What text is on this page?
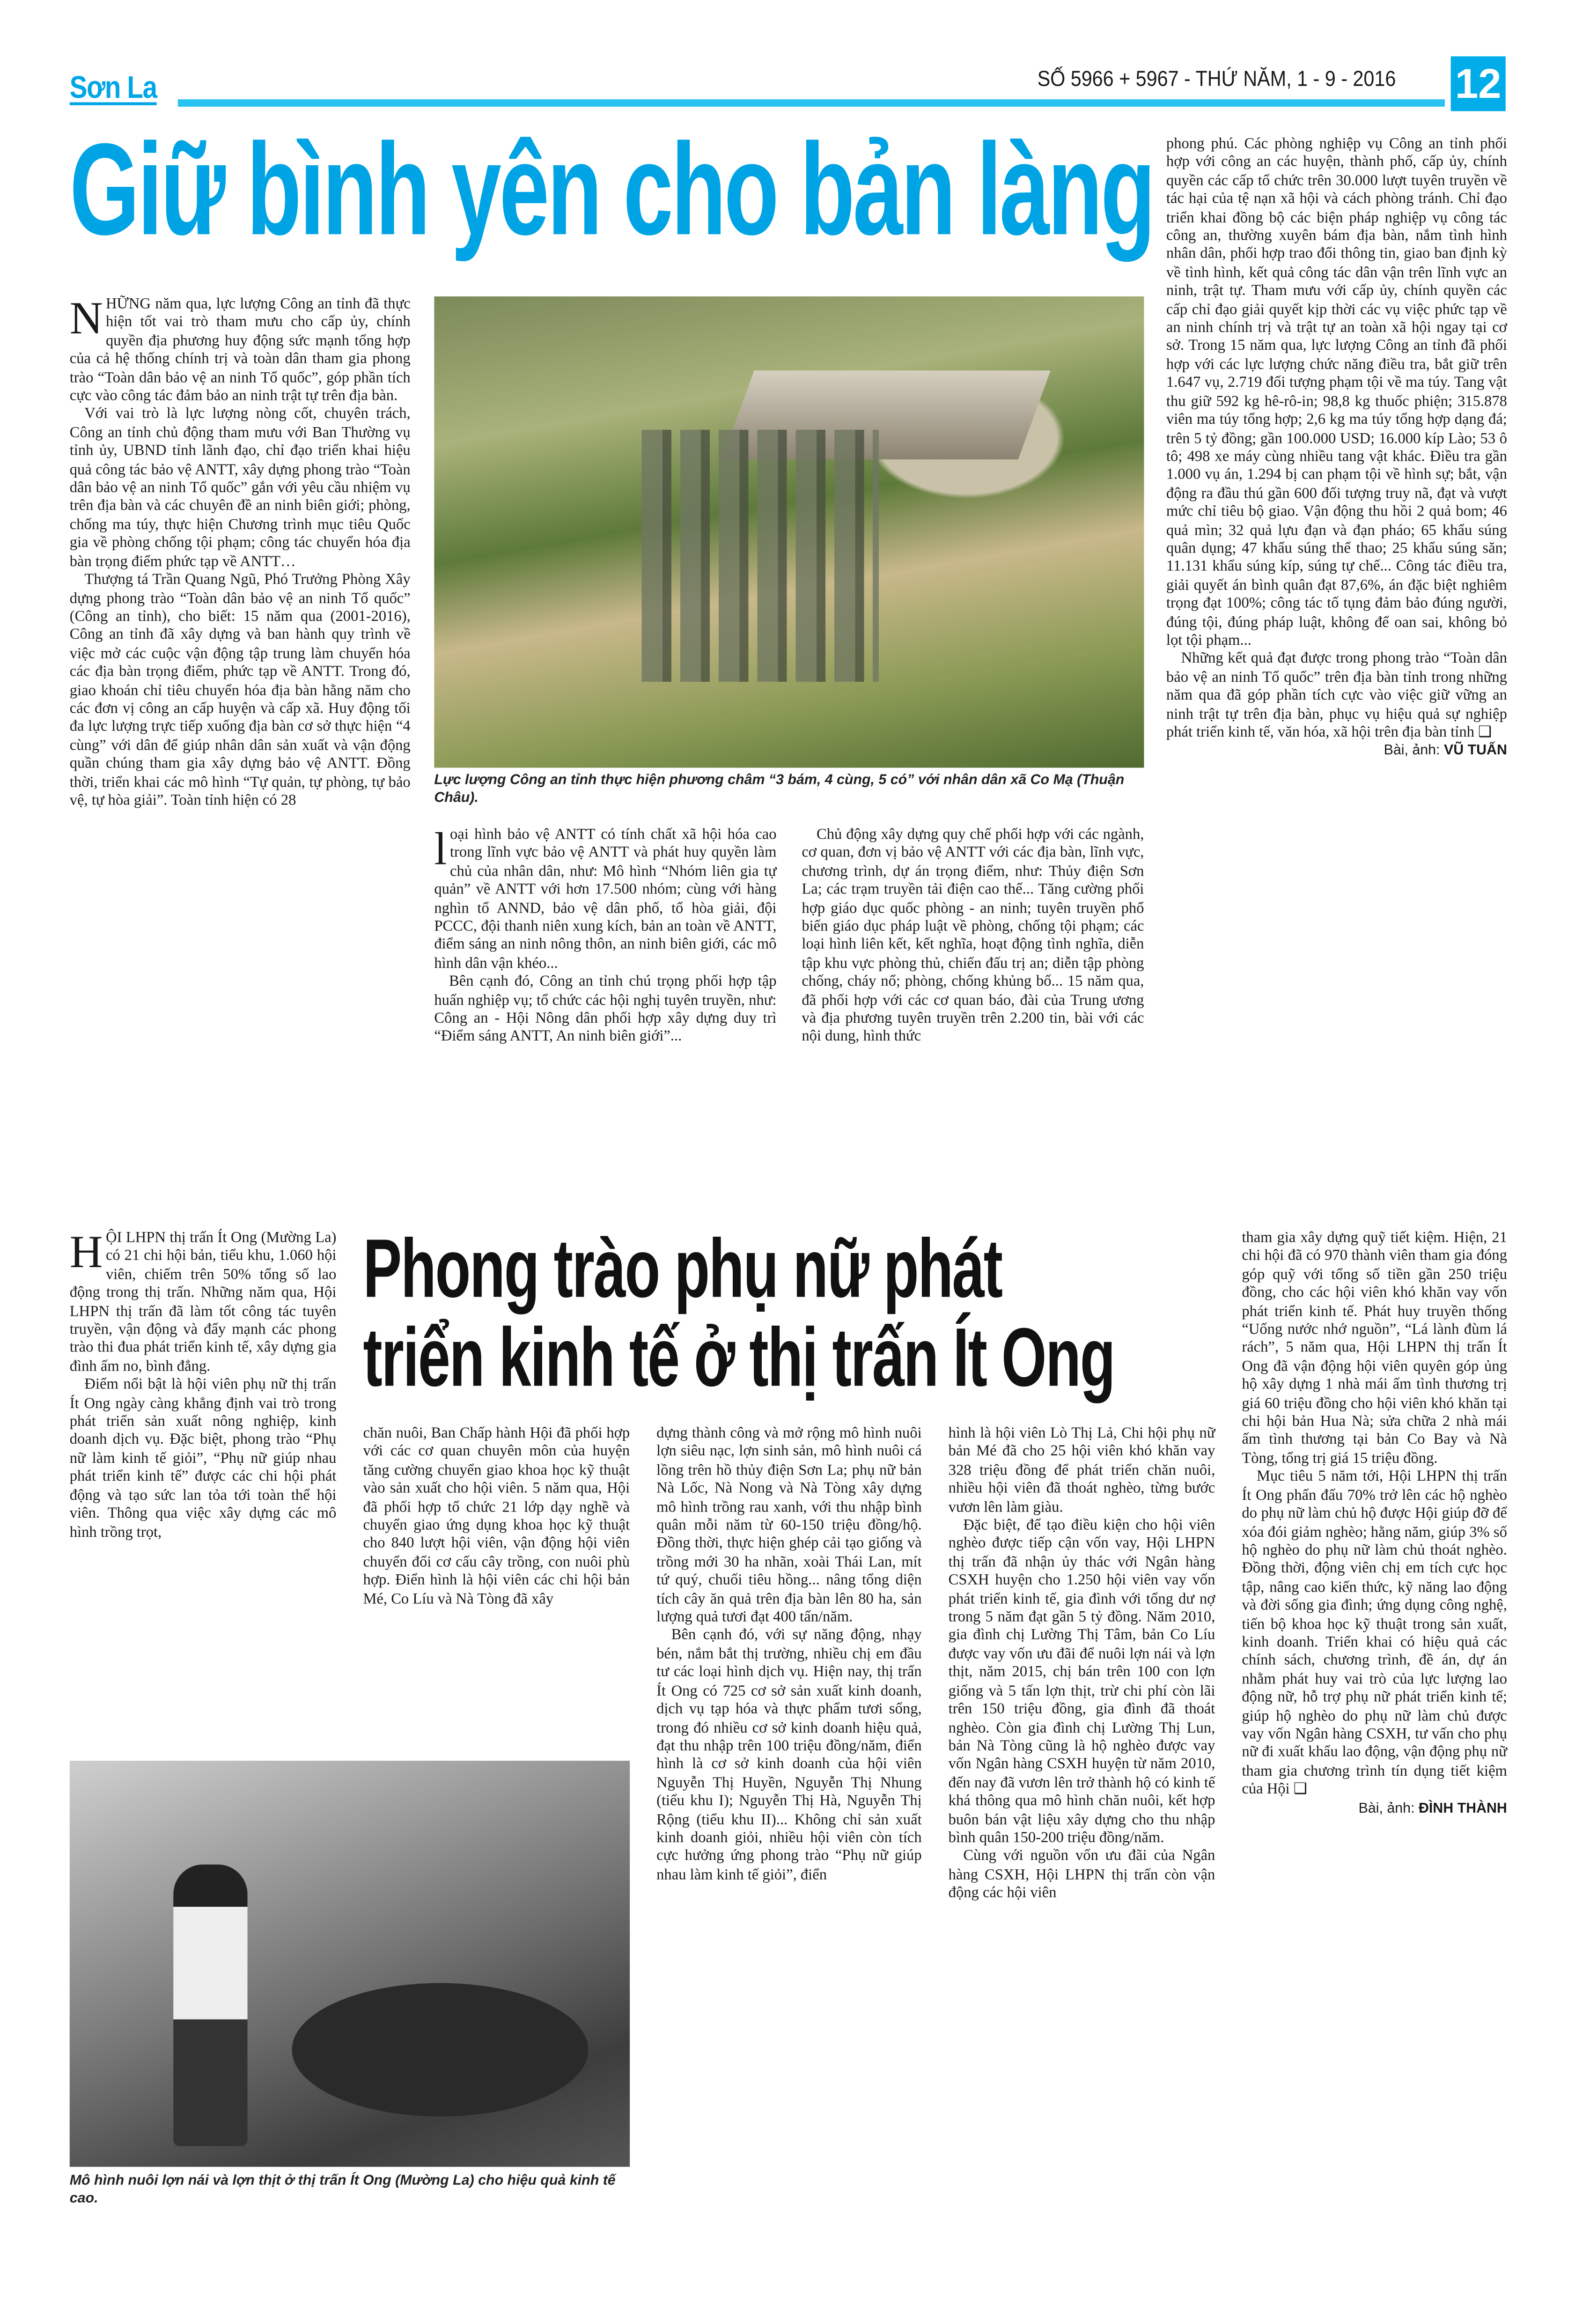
Sơn La	SỐ 5966 + 5967 - THỨ NĂM, 1 - 9 - 2016	12
Giữ bình yên cho bản làng

NHỮNG năm qua, lực lượng Công an tỉnh đã thực hiện tốt vai trò tham mưu cho cấp ủy, chính quyền địa phương huy động sức mạnh tổng hợp của cả hệ thống chính trị và toàn dân tham gia phong trào “Toàn dân bảo vệ an ninh Tổ quốc”, góp phần tích cực vào công tác đảm bảo an ninh trật tự trên địa bàn.

Với vai trò là lực lượng nòng cốt, chuyên trách, Công an tỉnh chủ động tham mưu với Ban Thường vụ tỉnh ủy, UBND tỉnh lãnh đạo, chỉ đạo triển khai hiệu quả công tác bảo vệ ANTT, xây dựng phong trào “Toàn dân bảo vệ an ninh Tổ quốc” gắn với yêu cầu nhiệm vụ trên địa bàn và các chuyên đề an ninh biên giới; phòng, chống ma túy, thực hiện Chương trình mục tiêu Quốc gia về phòng chống tội phạm; công tác chuyển hóa địa bàn trọng điểm phức tạp về ANTT…

Thượng tá Trần Quang Ngũ, Phó Trưởng Phòng Xây dựng phong trào “Toàn dân bảo vệ an ninh Tổ quốc” (Công an tỉnh), cho biết: 15 năm qua (2001-2016), Công an tỉnh đã xây dựng và ban hành quy trình về việc mở các cuộc vận động tập trung làm chuyển hóa các địa bàn trọng điểm, phức tạp về ANTT. Trong đó, giao khoán chỉ tiêu chuyển hóa địa bàn hằng năm cho các đơn vị công an cấp huyện và cấp xã. Huy động tối đa lực lượng trực tiếp xuống địa bàn cơ sở thực hiện “4 cùng” với dân để giúp nhân dân sản xuất và vận động quần chúng tham gia xây dựng bảo vệ ANTT. Đồng thời, triển khai các mô hình “Tự quản, tự phòng, tự bảo vệ, tự hòa giải”. Toàn tỉnh hiện có 28

Lực lượng Công an tỉnh thực hiện phương châm “3 bám, 4 cùng, 5 có” với nhân dân xã Co Mạ (Thuận Châu).

loại hình bảo vệ ANTT có tính chất xã hội hóa cao trong lĩnh vực bảo vệ ANTT và phát huy quyền làm chủ của nhân dân, như: Mô hình “Nhóm liên gia tự quản” về ANTT với hơn 17.500 nhóm; cùng với hàng nghìn tổ ANND, bảo vệ dân phố, tổ hòa giải, đội PCCC, đội thanh niên xung kích, bản an toàn về ANTT, điểm sáng an ninh nông thôn, an ninh biên giới, các mô hình dân vận khéo...

Bên cạnh đó, Công an tỉnh chú trọng phối hợp tập huấn nghiệp vụ; tổ chức các hội nghị tuyên truyền, như: Công an - Hội Nông dân phối hợp xây dựng duy trì “Điểm sáng ANTT, An ninh biên giới”...

Chủ động xây dựng quy chế phối hợp với các ngành, cơ quan, đơn vị bảo vệ ANTT với các địa bàn, lĩnh vực, chương trình, dự án trọng điểm, như: Thủy điện Sơn La; các trạm truyền tải điện cao thế... Tăng cường phối hợp giáo dục quốc phòng - an ninh; tuyên truyền phổ biến giáo dục pháp luật về phòng, chống tội phạm; các loại hình liên kết, kết nghĩa, hoạt động tình nghĩa, diễn tập khu vực phòng thủ, chiến đấu trị an; diễn tập phòng chống, cháy nổ; phòng, chống khủng bố... 15 năm qua, đã phối hợp với các cơ quan báo, đài của Trung ương và địa phương tuyên truyền trên 2.200 tin, bài với các nội dung, hình thức

phong phú. Các phòng nghiệp vụ Công an tỉnh phối hợp với công an các huyện, thành phố, cấp ủy, chính quyền các cấp tổ chức trên 30.000 lượt tuyên truyền về tác hại của tệ nạn xã hội và cách phòng tránh. Chỉ đạo triển khai đồng bộ các biện pháp nghiệp vụ công tác công an, thường xuyên bám địa bàn, nắm tình hình nhân dân, phối hợp trao đổi thông tin, giao ban định kỳ về tình hình, kết quả công tác dân vận trên lĩnh vực an ninh, trật tự. Tham mưu với cấp ủy, chính quyền các cấp chỉ đạo giải quyết kịp thời các vụ việc phức tạp về an ninh chính trị và trật tự an toàn xã hội ngay tại cơ sở. Trong 15 năm qua, lực lượng Công an tỉnh đã phối hợp với các lực lượng chức năng điều tra, bắt giữ trên 1.647 vụ, 2.719 đối tượng phạm tội về ma túy. Tang vật thu giữ 592 kg hê-rô-in; 98,8 kg thuốc phiện; 315.878 viên ma túy tổng hợp; 2,6 kg ma túy tổng hợp dạng đá; trên 5 tỷ đồng; gần 100.000 USD; 16.000 kíp Lào; 53 ô tô; 498 xe máy cùng nhiều tang vật khác. Điều tra gần 1.000 vụ án, 1.294 bị can phạm tội về hình sự; bắt, vận động ra đầu thú gần 600 đối tượng truy nã, đạt và vượt mức chỉ tiêu bộ giao. Vận động thu hồi 2 quả bom; 46 quả mìn; 32 quả lựu đạn và đạn pháo; 65 khẩu súng quân dụng; 47 khẩu súng thể thao; 25 khẩu súng săn; 11.131 khẩu súng kíp, súng tự chế... Công tác điều tra, giải quyết án bình quân đạt 87,6%, án đặc biệt nghiêm trọng đạt 100%; công tác tố tụng đảm bảo đúng người, đúng tội, đúng pháp luật, không để oan sai, không bỏ lọt tội phạm...

Những kết quả đạt được trong phong trào “Toàn dân bảo vệ an ninh Tổ quốc” trên địa bàn tỉnh trong những năm qua đã góp phần tích cực vào việc giữ vững an ninh trật tự trên địa bàn, phục vụ hiệu quả sự nghiệp phát triển kinh tế, văn hóa, xã hội trên địa bàn tỉnh ❑

Bài, ảnh: VŨ TUẤN
Phong trào phụ nữ phát triển kinh tế ở thị trấn Ít Ong

HỘI LHPN thị trấn Ít Ong (Mường La) có 21 chi hội bản, tiểu khu, 1.060 hội viên, chiếm trên 50% tổng số lao động trong thị trấn. Những năm qua, Hội LHPN thị trấn đã làm tốt công tác tuyên truyền, vận động và đẩy mạnh các phong trào thi đua phát triển kinh tế, xây dựng gia đình ấm no, bình đẳng.

Điểm nổi bật là hội viên phụ nữ thị trấn Ít Ong ngày càng khẳng định vai trò trong phát triển sản xuất nông nghiệp, kinh doanh dịch vụ. Đặc biệt, phong trào “Phụ nữ làm kinh tế giỏi”, “Phụ nữ giúp nhau phát triển kinh tế” được các chi hội phát động và tạo sức lan tỏa tới toàn thể hội viên. Thông qua việc xây dựng các mô hình trồng trọt,

chăn nuôi, Ban Chấp hành Hội đã phối hợp với các cơ quan chuyên môn của huyện tăng cường chuyển giao khoa học kỹ thuật vào sản xuất cho hội viên. 5 năm qua, Hội đã phối hợp tổ chức 21 lớp dạy nghề và chuyển giao ứng dụng khoa học kỹ thuật cho 840 lượt hội viên, vận động hội viên chuyển đổi cơ cấu cây trồng, con nuôi phù hợp. Điển hình là hội viên các chi hội bản Mé, Co Líu và Nà Tòng đã xây

Mô hình nuôi lợn nái và lợn thịt ở thị trấn Ít Ong (Mường La) cho hiệu quả kinh tế cao.

dựng thành công và mở rộng mô hình nuôi lợn siêu nạc, lợn sinh sản, mô hình nuôi cá lồng trên hồ thủy điện Sơn La; phụ nữ bản Nà Lốc, Nà Nong và Nà Tòng xây dựng mô hình trồng rau xanh, với thu nhập bình quân mỗi năm từ 60-150 triệu đồng/hộ. Đồng thời, thực hiện ghép cải tạo giống và trồng mới 30 ha nhãn, xoài Thái Lan, mít tứ quý, chuối tiêu hồng... nâng tổng diện tích cây ăn quả trên địa bàn lên 80 ha, sản lượng quả tươi đạt 400 tấn/năm.

Bên cạnh đó, với sự năng động, nhạy bén, nắm bắt thị trường, nhiều chị em đầu tư các loại hình dịch vụ. Hiện nay, thị trấn Ít Ong có 725 cơ sở sản xuất kinh doanh, dịch vụ tạp hóa và thực phẩm tươi sống, trong đó nhiều cơ sở kinh doanh hiệu quả, đạt thu nhập trên 100 triệu đồng/năm, điển hình là cơ sở kinh doanh của hội viên Nguyễn Thị Huyền, Nguyễn Thị Nhung (tiểu khu I); Nguyễn Thị Hà, Nguyễn Thị Rộng (tiểu khu II)... Không chỉ sản xuất kinh doanh giỏi, nhiều hội viên còn tích cực hưởng ứng phong trào “Phụ nữ giúp nhau làm kinh tế giỏi”, điển

hình là hội viên Lò Thị Lả, Chi hội phụ nữ bản Mé đã cho 25 hội viên khó khăn vay 328 triệu đồng để phát triển chăn nuôi, nhiều hội viên đã thoát nghèo, từng bước vươn lên làm giàu.

Đặc biệt, để tạo điều kiện cho hội viên nghèo được tiếp cận vốn vay, Hội LHPN thị trấn đã nhận ủy thác với Ngân hàng CSXH huyện cho 1.250 hội viên vay vốn phát triển kinh tế, gia đình với tổng dư nợ trong 5 năm đạt gần 5 tỷ đồng. Năm 2010, gia đình chị Lường Thị Tâm, bản Co Líu được vay vốn ưu đãi để nuôi lợn nái và lợn thịt, năm 2015, chị bán trên 100 con lợn giống và 5 tấn lợn thịt, trừ chi phí còn lãi trên 150 triệu đồng, gia đình đã thoát nghèo. Còn gia đình chị Lường Thị Lun, bản Nà Tòng cũng là hộ nghèo được vay vốn Ngân hàng CSXH huyện từ năm 2010, đến nay đã vươn lên trở thành hộ có kinh tế khá thông qua mô hình chăn nuôi, kết hợp buôn bán vật liệu xây dựng cho thu nhập bình quân 150-200 triệu đồng/năm.

Cùng với nguồn vốn ưu đãi của Ngân hàng CSXH, Hội LHPN thị trấn còn vận động các hội viên

tham gia xây dựng quỹ tiết kiệm. Hiện, 21 chi hội đã có 970 thành viên tham gia đóng góp quỹ với tổng số tiền gần 250 triệu đồng, cho các hội viên khó khăn vay vốn phát triển kinh tế. Phát huy truyền thống “Uống nước nhớ nguồn”, “Lá lành đùm lá rách”, 5 năm qua, Hội LHPN thị trấn Ít Ong đã vận động hội viên quyên góp ủng hộ xây dựng 1 nhà mái ấm tình thương trị giá 60 triệu đồng cho hội viên khó khăn tại chi hội bản Hua Nà; sửa chữa 2 nhà mái ấm tình thương tại bản Co Bay và Nà Tòng, tổng trị giá 15 triệu đồng.

Mục tiêu 5 năm tới, Hội LHPN thị trấn Ít Ong phấn đấu 70% trở lên các hộ nghèo do phụ nữ làm chủ hộ được Hội giúp đỡ để xóa đói giảm nghèo; hằng năm, giúp 3% số hộ nghèo do phụ nữ làm chủ thoát nghèo. Đồng thời, động viên chị em tích cực học tập, nâng cao kiến thức, kỹ năng lao động và đời sống gia đình; ứng dụng công nghệ, tiến bộ khoa học kỹ thuật trong sản xuất, kinh doanh. Triển khai có hiệu quả các chính sách, chương trình, đề án, dự án nhằm phát huy vai trò của lực lượng lao động nữ, hỗ trợ phụ nữ phát triển kinh tế; giúp hộ nghèo do phụ nữ làm chủ được vay vốn Ngân hàng CSXH, tư vấn cho phụ nữ đi xuất khẩu lao động, vận động phụ nữ tham gia chương trình tín dụng tiết kiệm của Hội ❑

Bài, ảnh: ĐÌNH THÀNH
